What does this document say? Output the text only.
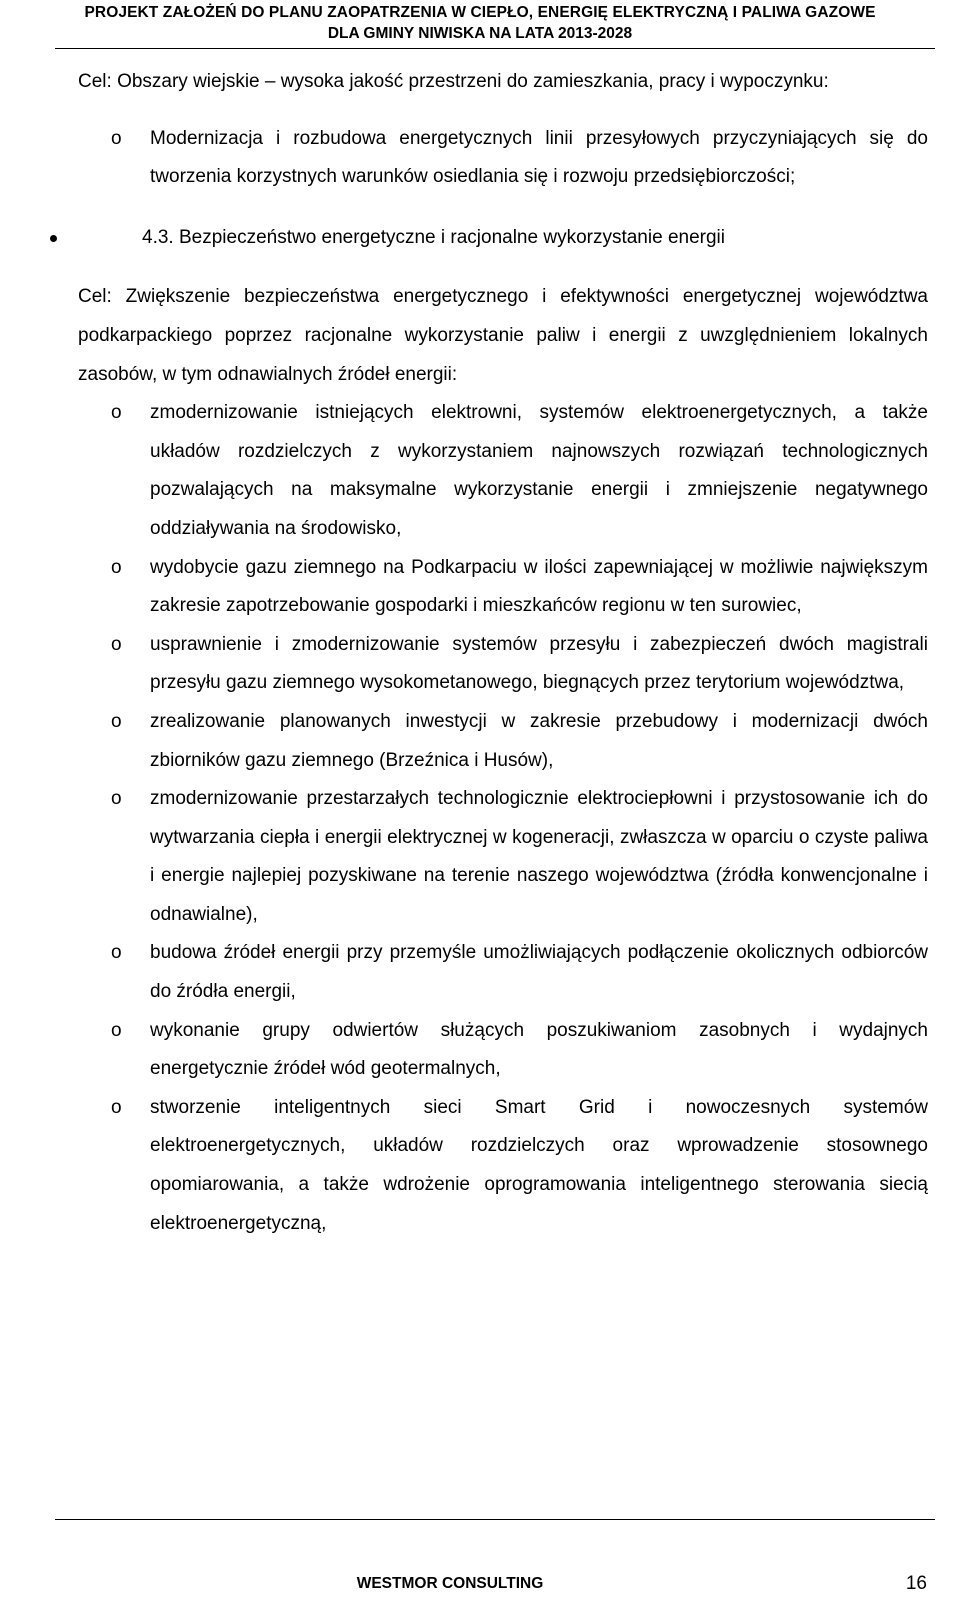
PROJEKT ZAŁOŻEŃ DO PLANU ZAOPATRZENIA W CIEPŁO, ENERGIĘ ELEKTRYCZNĄ I PALIWA GAZOWE
DLA GMINY NIWISKA NA LATA 2013-2028

Cel: Obszary wiejskie – wysoka jakość przestrzeni do zamieszkania, pracy i wypoczynku:

o Modernizacja i rozbudowa energetycznych linii przesyłowych przyczyniających się do tworzenia korzystnych warunków osiedlania się i rozwoju przedsiębiorczości;

4.3. Bezpieczeństwo energetyczne i racjonalne wykorzystanie energii

Cel: Zwiększenie bezpieczeństwa energetycznego i efektywności energetycznej województwa podkarpackiego poprzez racjonalne wykorzystanie paliw i energii z uwzględnieniem lokalnych zasobów, w tym odnawialnych źródeł energii:

o zmodernizowanie istniejących elektrowni, systemów elektroenergetycznych, a także układów rozdzielczych z wykorzystaniem najnowszych rozwiązań technologicznych pozwalających na maksymalne wykorzystanie energii i zmniejszenie negatywnego oddziaływania na środowisko,
o wydobycie gazu ziemnego na Podkarpaciu w ilości zapewniającej w możliwie największym zakresie zapotrzebowanie gospodarki i mieszkańców regionu w ten surowiec,
o usprawnienie i zmodernizowanie systemów przesyłu i zabezpieczeń dwóch magistrali przesyłu gazu ziemnego wysokometanowego, biegnących przez terytorium województwa,
o zrealizowanie planowanych inwestycji w zakresie przebudowy i modernizacji dwóch zbiorników gazu ziemnego (Brzeźnica i Husów),
o zmodernizowanie przestarzałych technologicznie elektrociepłowni i przystosowanie ich do wytwarzania ciepła i energii elektrycznej w kogeneracji, zwłaszcza w oparciu o czyste paliwa i energie najlepiej pozyskiwane na terenie naszego województwa (źródła konwencjonalne i odnawialne),
o budowa źródeł energii przy przemyśle umożliwiających podłączenie okolicznych odbiorców do źródła energii,
o wykonanie grupy odwiertów służących poszukiwaniom zasobnych i wydajnych energetycznie źródeł wód geotermalnych,
o stworzenie inteligentnych sieci Smart Grid i nowoczesnych systemów elektroenergetycznych, układów rozdzielczych oraz wprowadzenie stosownego opomiarowania, a także wdrożenie oprogramowania inteligentnego sterowania siecią elektroenergetyczną,
WESTMOR CONSULTING	16
